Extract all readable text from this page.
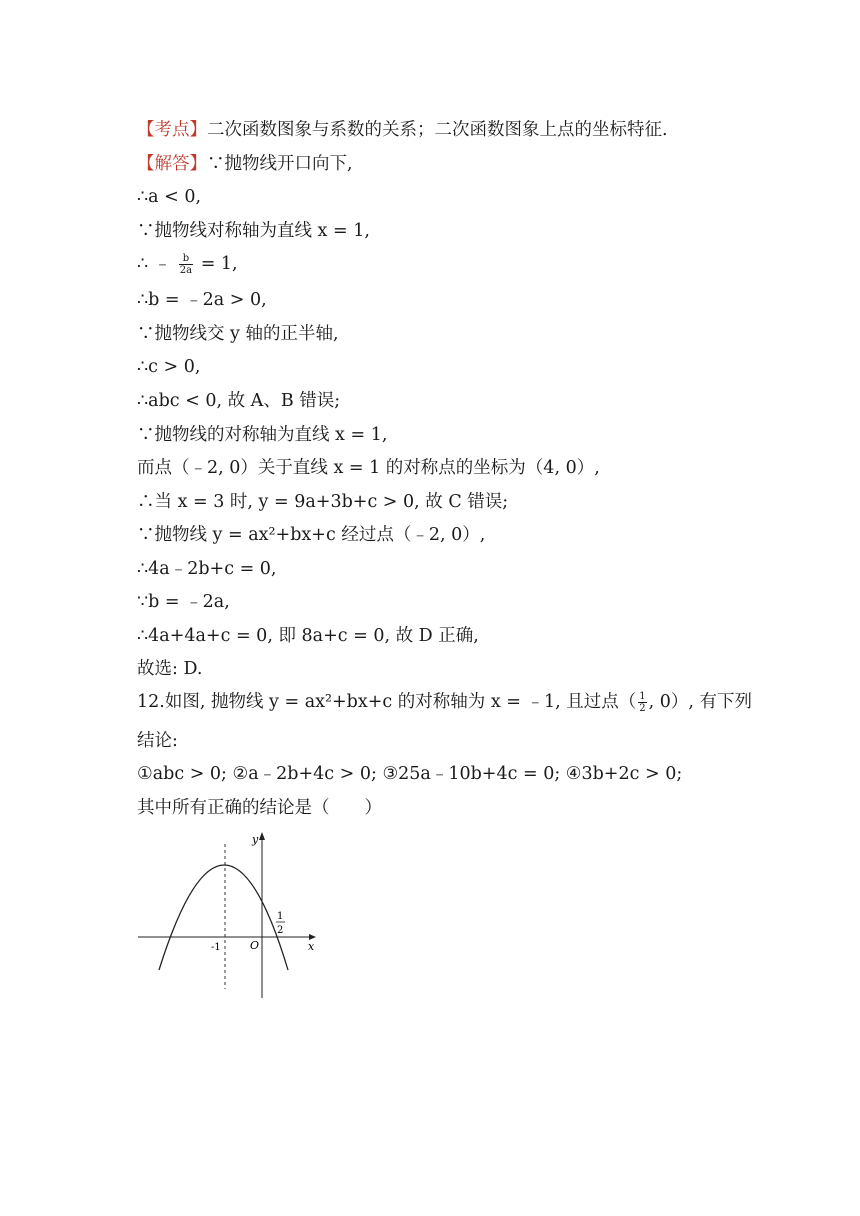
【考点】二次函数图象与系数的关系；二次函数图象上点的坐标特征.
【解答】∵抛物线开口向下,
∴a < 0,
∵抛物线对称轴为直线 x = 1,
∴ ﹣ $\frac{b}{2a} = 1$,
∴b = ﹣2a > 0,
∵抛物线交 y 轴的正半轴,
∴c > 0,
∴abc < 0, 故 A、B 错误;
∵抛物线的对称轴为直线 x = 1,
而点（﹣2, 0）关于直线 x = 1 的对称点的坐标为（4, 0）,
∴当 x = 3 时, y = 9a+3b+c > 0, 故 C 错误;
∵抛物线 y = ax²+bx+c 经过点（﹣2, 0）,
∴4a﹣2b+c = 0,
∵b = ﹣2a,
∴4a+4a+c = 0, 即 8a+c = 0, 故 D 正确,
故选: D.
12.如图, 抛物线 y = ax²+bx+c 的对称轴为 x = ﹣1, 且过点（ $\frac{1}{2}$ , 0）, 有下列
结论:
①abc > 0; ②a﹣2b+4c > 0; ③25a﹣10b+4c = 0; ④3b+2c > 0;
其中所有正确的结论是（　　）
y
x
O
-1
1
2
